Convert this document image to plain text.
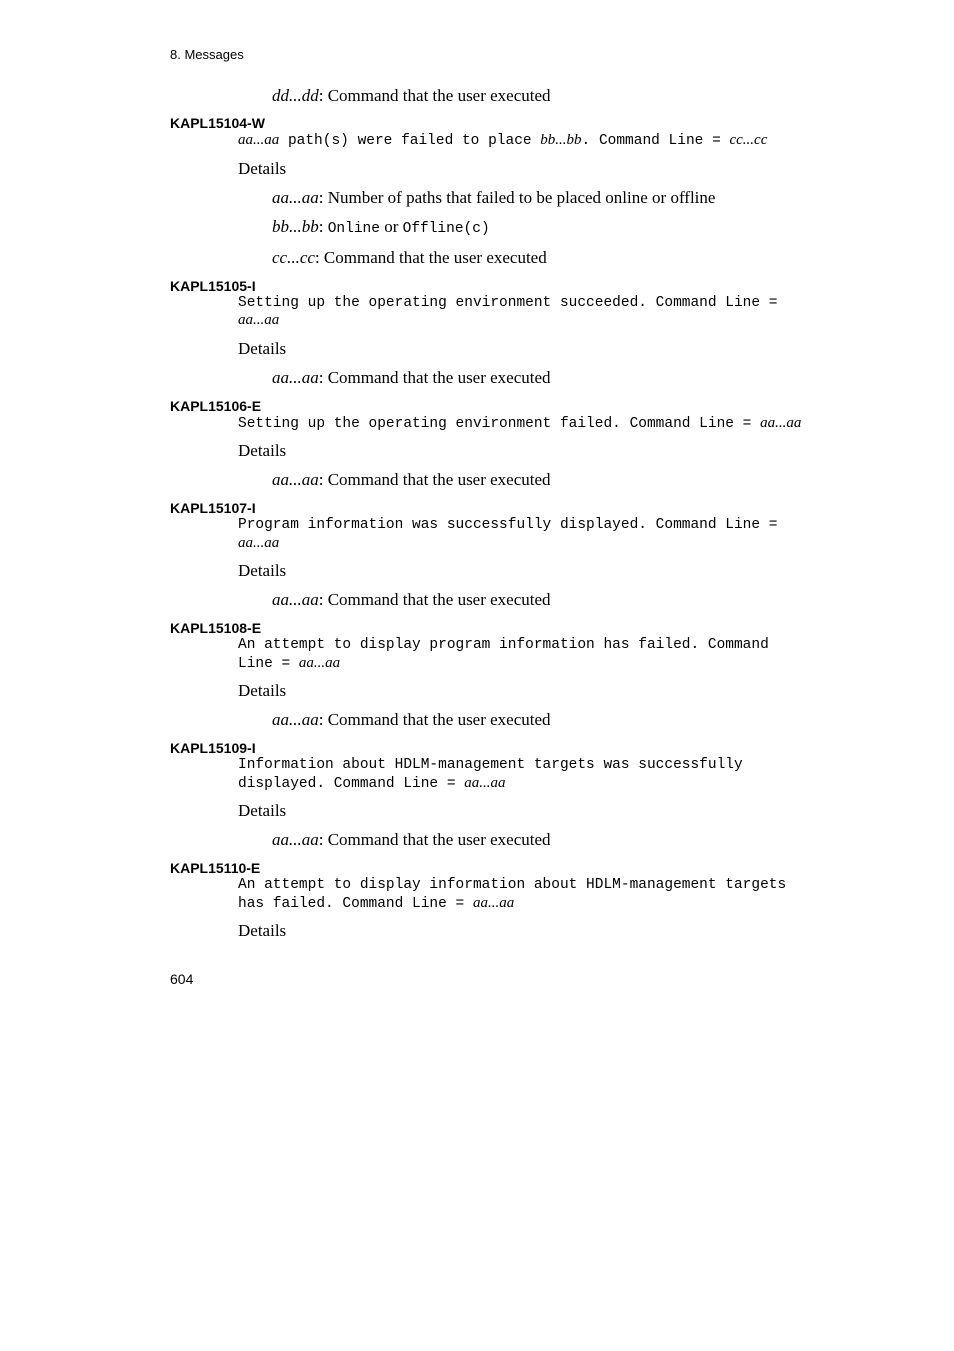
8. Messages
dd...dd: Command that the user executed
KAPL15104-W
aa...aa path(s) were failed to place bb...bb. Command Line = cc...cc
Details
aa...aa: Number of paths that failed to be placed online or offline
bb...bb: Online or Offline(c)
cc...cc: Command that the user executed
KAPL15105-I
Setting up the operating environment succeeded. Command Line =
aa...aa
Details
aa...aa: Command that the user executed
KAPL15106-E
Setting up the operating environment failed. Command Line = aa...aa
Details
aa...aa: Command that the user executed
KAPL15107-I
Program information was successfully displayed. Command Line =
aa...aa
Details
aa...aa: Command that the user executed
KAPL15108-E
An attempt to display program information has failed. Command
Line = aa...aa
Details
aa...aa: Command that the user executed
KAPL15109-I
Information about HDLM-management targets was successfully
displayed. Command Line = aa...aa
Details
aa...aa: Command that the user executed
KAPL15110-E
An attempt to display information about HDLM-management targets
has failed. Command Line = aa...aa
Details
604
